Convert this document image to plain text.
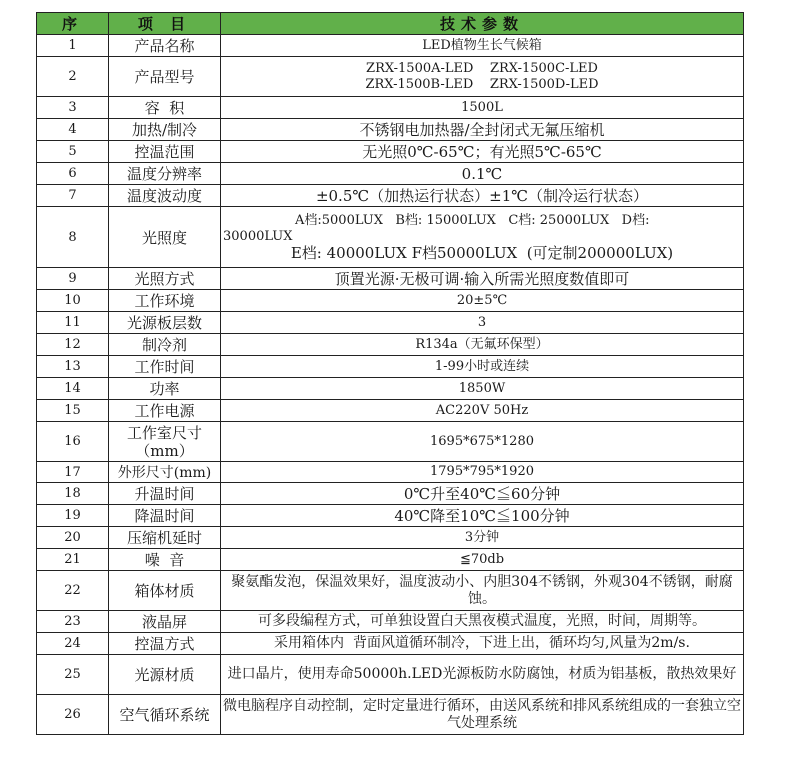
序	项 目	技术参数
1	产品名称	LED植物生长气候箱
2	产品型号	ZRX-1500A-LED    ZRX-1500C-LED
ZRX-1500B-LED    ZRX-1500D-LED

3	容  积	1500L
4	加热/制冷	不锈钢电加热器/全封闭式无氟压缩机
5	控温范围	无光照0℃-65℃；有光照5℃-65℃
6	温度分辨率	0.1℃
7	温度波动度	±0.5℃（加热运行状态）±1℃（制冷运行状态）
8	光照度	A档:5000LUX   B档: 15000LUX   C档: 25000LUX   D档:
30000LUX
E档: 40000LUX F档50000LUX  (可定制200000LUX)

9	光照方式	顶置光源·无极可调·输入所需光照度数值即可
10	工作环境	20±5℃
11	光源板层数	3
12	制冷剂	R134a（无氟环保型）
13	工作时间	1-99小时或连续
14	功率	1850W
15	工作电源	AC220V 50Hz
16	工作室尺寸（mm）	1695*675*1280
17	外形尺寸(mm)	1795*795*1920
18	升温时间	0℃升至40℃≦60分钟
19	降温时间	40℃降至10℃≦100分钟
20	压缩机延时	3分钟
21	噪  音	≦70db
22	箱体材质	聚氨酯发泡，保温效果好，温度波动小、内胆304不锈钢，外观304不锈钢，耐腐蚀。
23	液晶屏	可多段编程方式，可单独设置白天黑夜模式温度，光照，时间，周期等。
24	控温方式	采用箱体内  背面风道循环制冷，下进上出，循环均匀,风量为2m/s.
25	光源材质	进口晶片，使用寿命50000h.LED光源板防水防腐蚀，材质为铝基板，散热效果好
26	空气循环系统	微电脑程序自动控制，定时定量进行循环，由送风系统和排风系统组成的一套独立空气处理系统
